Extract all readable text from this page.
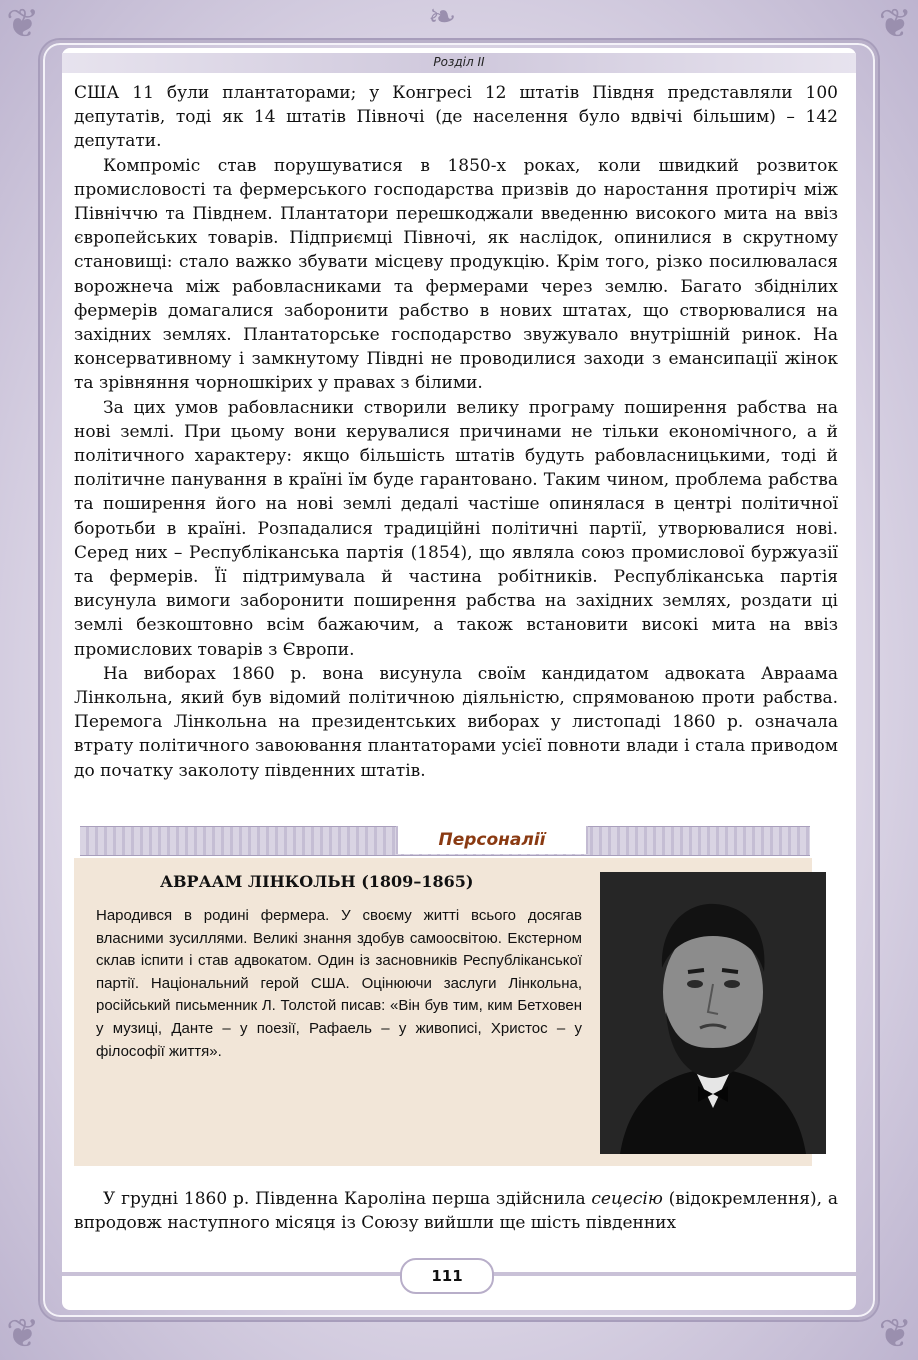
❦	❦
❦	❦
❧
Розділ ІІ

США 11 були плантаторами; у Конгресі 12 штатів Півдня представляли 100 депутатів, тоді як 14 штатів Півночі (де населення було вдвічі більшим) – 142 депутати.

Компроміс став порушуватися в 1850-х роках, коли швидкий розвиток промисловості та фермерського господарства призвів до наростання протиріч між Північчю та Півднем. Плантатори перешкоджали введенню високого мита на ввіз європейських товарів. Підприємці Півночі, як наслідок, опинилися в скрутному становищі: стало важко збувати місцеву продукцію. Крім того, різко посилювалася ворожнеча між рабовласниками та фермерами через землю. Багато збіднілих фермерів домагалися заборонити рабство в нових штатах, що створювалися на західних землях. Плантаторське господарство звужувало внутрішній ринок. На консервативному і замкнутому Півдні не проводилися заходи з емансипації жінок та зрівняння чорношкірих у правах з білими.

За цих умов рабовласники створили велику програму поширення рабства на нові землі. При цьому вони керувалися причинами не тільки економічного, а й політичного характеру: якщо більшість штатів будуть рабовласницькими, тоді й політичне панування в країні їм буде гарантовано. Таким чином, проблема рабства та поширення його на нові землі дедалі частіше опинялася в центрі політичної боротьби в країні. Розпадалися традиційні політичні партії, утворювалися нові. Серед них – Республіканська партія (1854), що являла союз промислової буржуазії та фермерів. Її підтримувала й частина робітників. Республіканська партія висунула вимоги заборонити поширення рабства на західних землях, роздати ці землі безкоштовно всім бажаючим, а також встановити високі мита на ввіз промислових товарів з Європи.

На виборах 1860 р. вона висунула своїм кандидатом адвоката Авраама Лінкольна, який був відомий політичною діяльністю, спрямованою проти рабства. Перемога Лінкольна на президентських виборах у листопаді 1860 р. означала втрату політичного завоювання плантаторами усієї повноти влади і стала приводом до початку заколоту південних штатів.

Персоналії
АВРААМ ЛІНКОЛЬН (1809–1865)
Народився в родині фермера. У своєму житті всього досягав власними зусиллями. Великі знання здобув самоосвітою. Екстерном склав іспити і став адвокатом. Один із засновників Республіканської партії. Національний герой США. Оцінюючи заслуги Лінкольна, російський письменник Л. Толстой писав: «Він був тим, ким Бетховен у музиці, Данте – у поезії, Рафаель – у живописі, Христос – у філософії життя».

У грудні 1860 р. Південна Кароліна перша здійснила сецесію (відокремлення), а впродовж наступного місяця із Союзу вийшли ще шість південних

111
